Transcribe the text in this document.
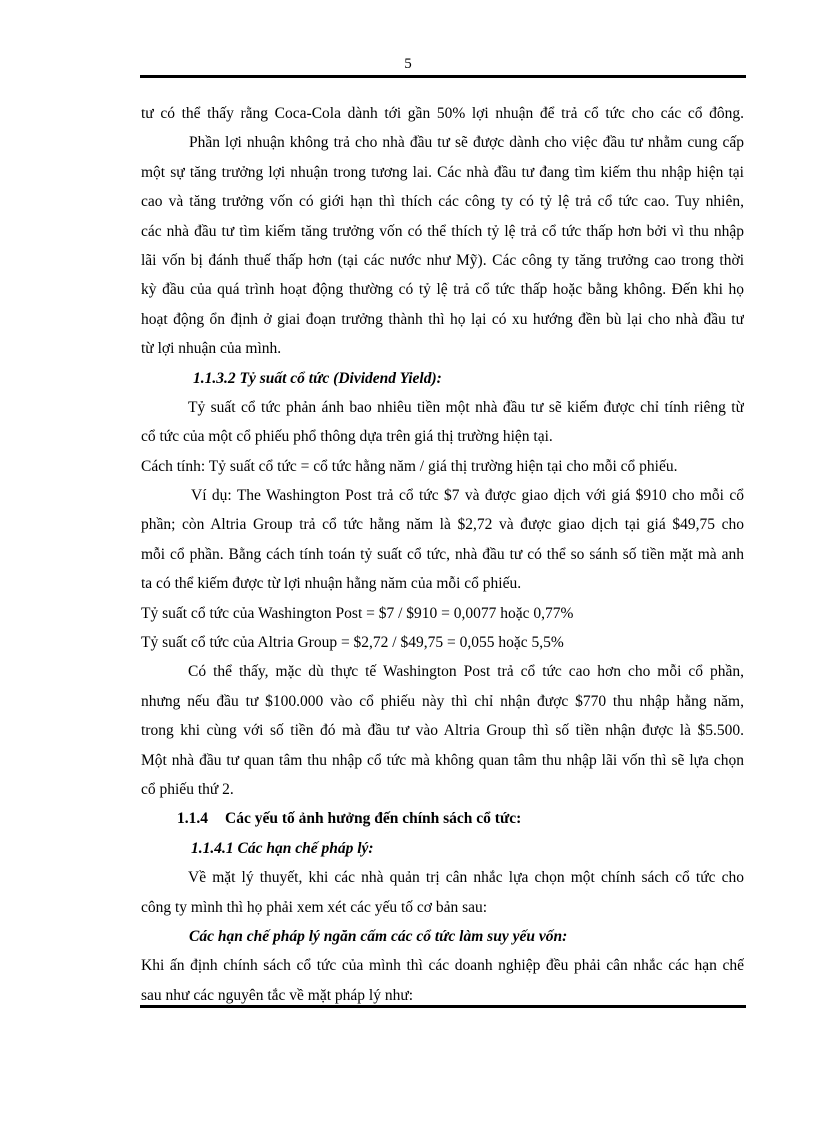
5
tư có thể thấy rằng Coca-Cola dành tới gần 50% lợi nhuận để trả cổ tức cho các cổ đông.
Phần lợi nhuận không trả cho nhà đầu tư sẽ được dành cho việc đầu tư nhằm cung cấp
một sự tăng trưởng lợi nhuận trong tương lai. Các nhà đầu tư đang tìm kiếm thu nhập hiện tại
cao và tăng trưởng vốn có giới hạn thì thích các công ty có tỷ lệ trả cổ tức cao. Tuy nhiên,
các nhà đầu tư tìm kiếm tăng trưởng vốn có thể thích tỷ lệ trả cổ tức thấp hơn bởi vì thu nhập
lãi vốn bị đánh thuế thấp hơn (tại các nước như Mỹ). Các công ty tăng trưởng cao trong thời
kỳ đầu của quá trình hoạt động thường có tỷ lệ trả cổ tức thấp hoặc bằng không. Đến khi họ
hoạt động ổn định ở giai đoạn trưởng thành thì họ lại có xu hướng đền bù lại cho nhà đầu tư
từ lợi nhuận của mình.
1.1.3.2 Tỷ suất cổ tức (Dividend Yield):
Tỷ suất cổ tức phản ánh bao nhiêu tiền một nhà đầu tư sẽ kiếm được chỉ tính riêng từ
cổ tức của một cổ phiếu phổ thông dựa trên giá thị trường hiện tại.
Cách tính: Tỷ suất cổ tức = cổ tức hằng năm / giá thị trường hiện tại cho mỗi cổ phiếu.
Ví dụ: The Washington Post trả cổ tức $7 và được giao dịch với giá $910 cho mỗi cổ
phần; còn Altria Group trả cổ tức hằng năm là $2,72 và được giao dịch tại giá $49,75 cho
mỗi cổ phần. Bằng cách tính toán tỷ suất cổ tức, nhà đầu tư có thể so sánh số tiền mặt mà anh
ta có thể kiếm được từ lợi nhuận hằng năm của mỗi cổ phiếu.
Tỷ suất cổ tức của Washington Post = $7 / $910 = 0,0077 hoặc 0,77%
Tỷ suất cổ tức của Altria Group = $2,72 / $49,75 = 0,055 hoặc 5,5%
Có thể thấy, mặc dù thực tế Washington Post trả cổ tức cao hơn cho mỗi cổ phần,
nhưng nếu đầu tư $100.000 vào cổ phiếu này thì chỉ nhận được $770 thu nhập hằng năm,
trong khi cùng với số tiền đó mà đầu tư vào Altria Group thì số tiền nhận được là $5.500.
Một nhà đầu tư quan tâm thu nhập cổ tức mà không quan tâm thu nhập lãi vốn thì sẽ lựa chọn
cổ phiếu thứ 2.
1.1.4 Các yếu tố ảnh hưởng đến chính sách cổ tức:
1.1.4.1 Các hạn chế pháp lý:
Về mặt lý thuyết, khi các nhà quản trị cân nhắc lựa chọn một chính sách cổ tức cho
công ty mình thì họ phải xem xét các yếu tố cơ bản sau:
Các hạn chế pháp lý ngăn cấm các cổ tức làm suy yếu vốn:
Khi ấn định chính sách cổ tức của mình thì các doanh nghiệp đều phải cân nhắc các hạn chế
sau như các nguyên tắc về mặt pháp lý như:
